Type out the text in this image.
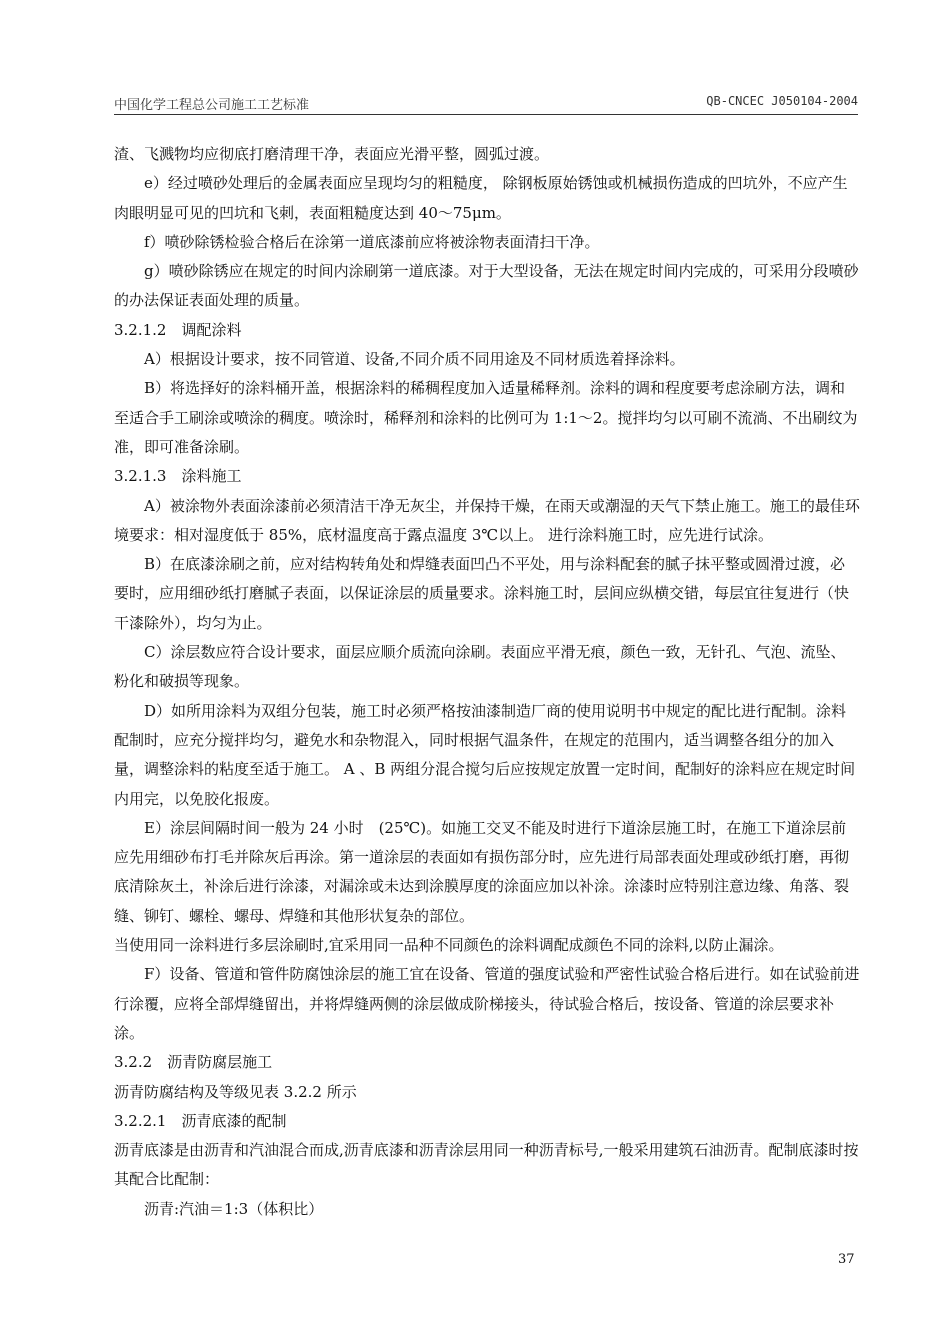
中国化学工程总公司施工工艺标准	QB-CNCEC J050104-2004

渣、飞溅物均应彻底打磨清理干净，表面应光滑平整，圆弧过渡。

e）经过喷砂处理后的金属表面应呈现均匀的粗糙度， 除钢板原始锈蚀或机械损伤造成的凹坑外，不应产生肉眼明显可见的凹坑和飞刺，表面粗糙度达到 40～75μm。

f）喷砂除锈检验合格后在涂第一道底漆前应将被涂物表面清扫干净。

g）喷砂除锈应在规定的时间内涂刷第一道底漆。对于大型设备，无法在规定时间内完成的，可采用分段喷砂的办法保证表面处理的质量。

3.2.1.2　调配涂料

A）根据设计要求，按不同管道、设备,不同介质不同用途及不同材质选着择涂料。

B）将选择好的涂料桶开盖，根据涂料的稀稠程度加入适量稀释剂。涂料的调和程度要考虑涂刷方法，调和至适合手工刷涂或喷涂的稠度。喷涂时，稀释剂和涂料的比例可为 1:1～2。搅拌均匀以可刷不流淌、不出刷纹为准，即可准备涂刷。

3.2.1.3　涂料施工

A）被涂物外表面涂漆前必须清洁干净无灰尘，并保持干燥，在雨天或潮湿的天气下禁止施工。施工的最佳环境要求：相对湿度低于 85%，底材温度高于露点温度 3℃以上。 进行涂料施工时，应先进行试涂。

B）在底漆涂刷之前，应对结构转角处和焊缝表面凹凸不平处，用与涂料配套的腻子抹平整或圆滑过渡，必要时，应用细砂纸打磨腻子表面，以保证涂层的质量要求。涂料施工时，层间应纵横交错，每层宜往复进行（快干漆除外），均匀为止。

C）涂层数应符合设计要求，面层应顺介质流向涂刷。表面应平滑无痕，颜色一致，无针孔、气泡、流坠、粉化和破损等现象。

D）如所用涂料为双组分包装，施工时必须严格按油漆制造厂商的使用说明书中规定的配比进行配制。涂料配制时，应充分搅拌均匀，避免水和杂物混入，同时根据气温条件，在规定的范围内，适当调整各组分的加入量，调整涂料的粘度至适于施工。 A 、B 两组分混合搅匀后应按规定放置一定时间，配制好的涂料应在规定时间内用完，以免胶化报废。

E）涂层间隔时间一般为 24 小时　(25℃)。如施工交叉不能及时进行下道涂层施工时，在施工下道涂层前应先用细砂布打毛并除灰后再涂。第一道涂层的表面如有损伤部分时，应先进行局部表面处理或砂纸打磨，再彻底清除灰土，补涂后进行涂漆，对漏涂或未达到涂膜厚度的涂面应加以补涂。涂漆时应特别注意边缘、角落、裂缝、铆钉、螺栓、螺母、焊缝和其他形状复杂的部位。

当使用同一涂料进行多层涂刷时,宜采用同一品种不同颜色的涂料调配成颜色不同的涂料,以防止漏涂。

F）设备、管道和管件防腐蚀涂层的施工宜在设备、管道的强度试验和严密性试验合格后进行。如在试验前进行涂覆，应将全部焊缝留出，并将焊缝两侧的涂层做成阶梯接头，待试验合格后，按设备、管道的涂层要求补涂。

3.2.2　沥青防腐层施工

沥青防腐结构及等级见表 3.2.2 所示

3.2.2.1　沥青底漆的配制

沥青底漆是由沥青和汽油混合而成,沥青底漆和沥青涂层用同一种沥青标号,一般采用建筑石油沥青。配制底漆时按其配合比配制：

沥青:汽油＝1:3（体积比）

37
